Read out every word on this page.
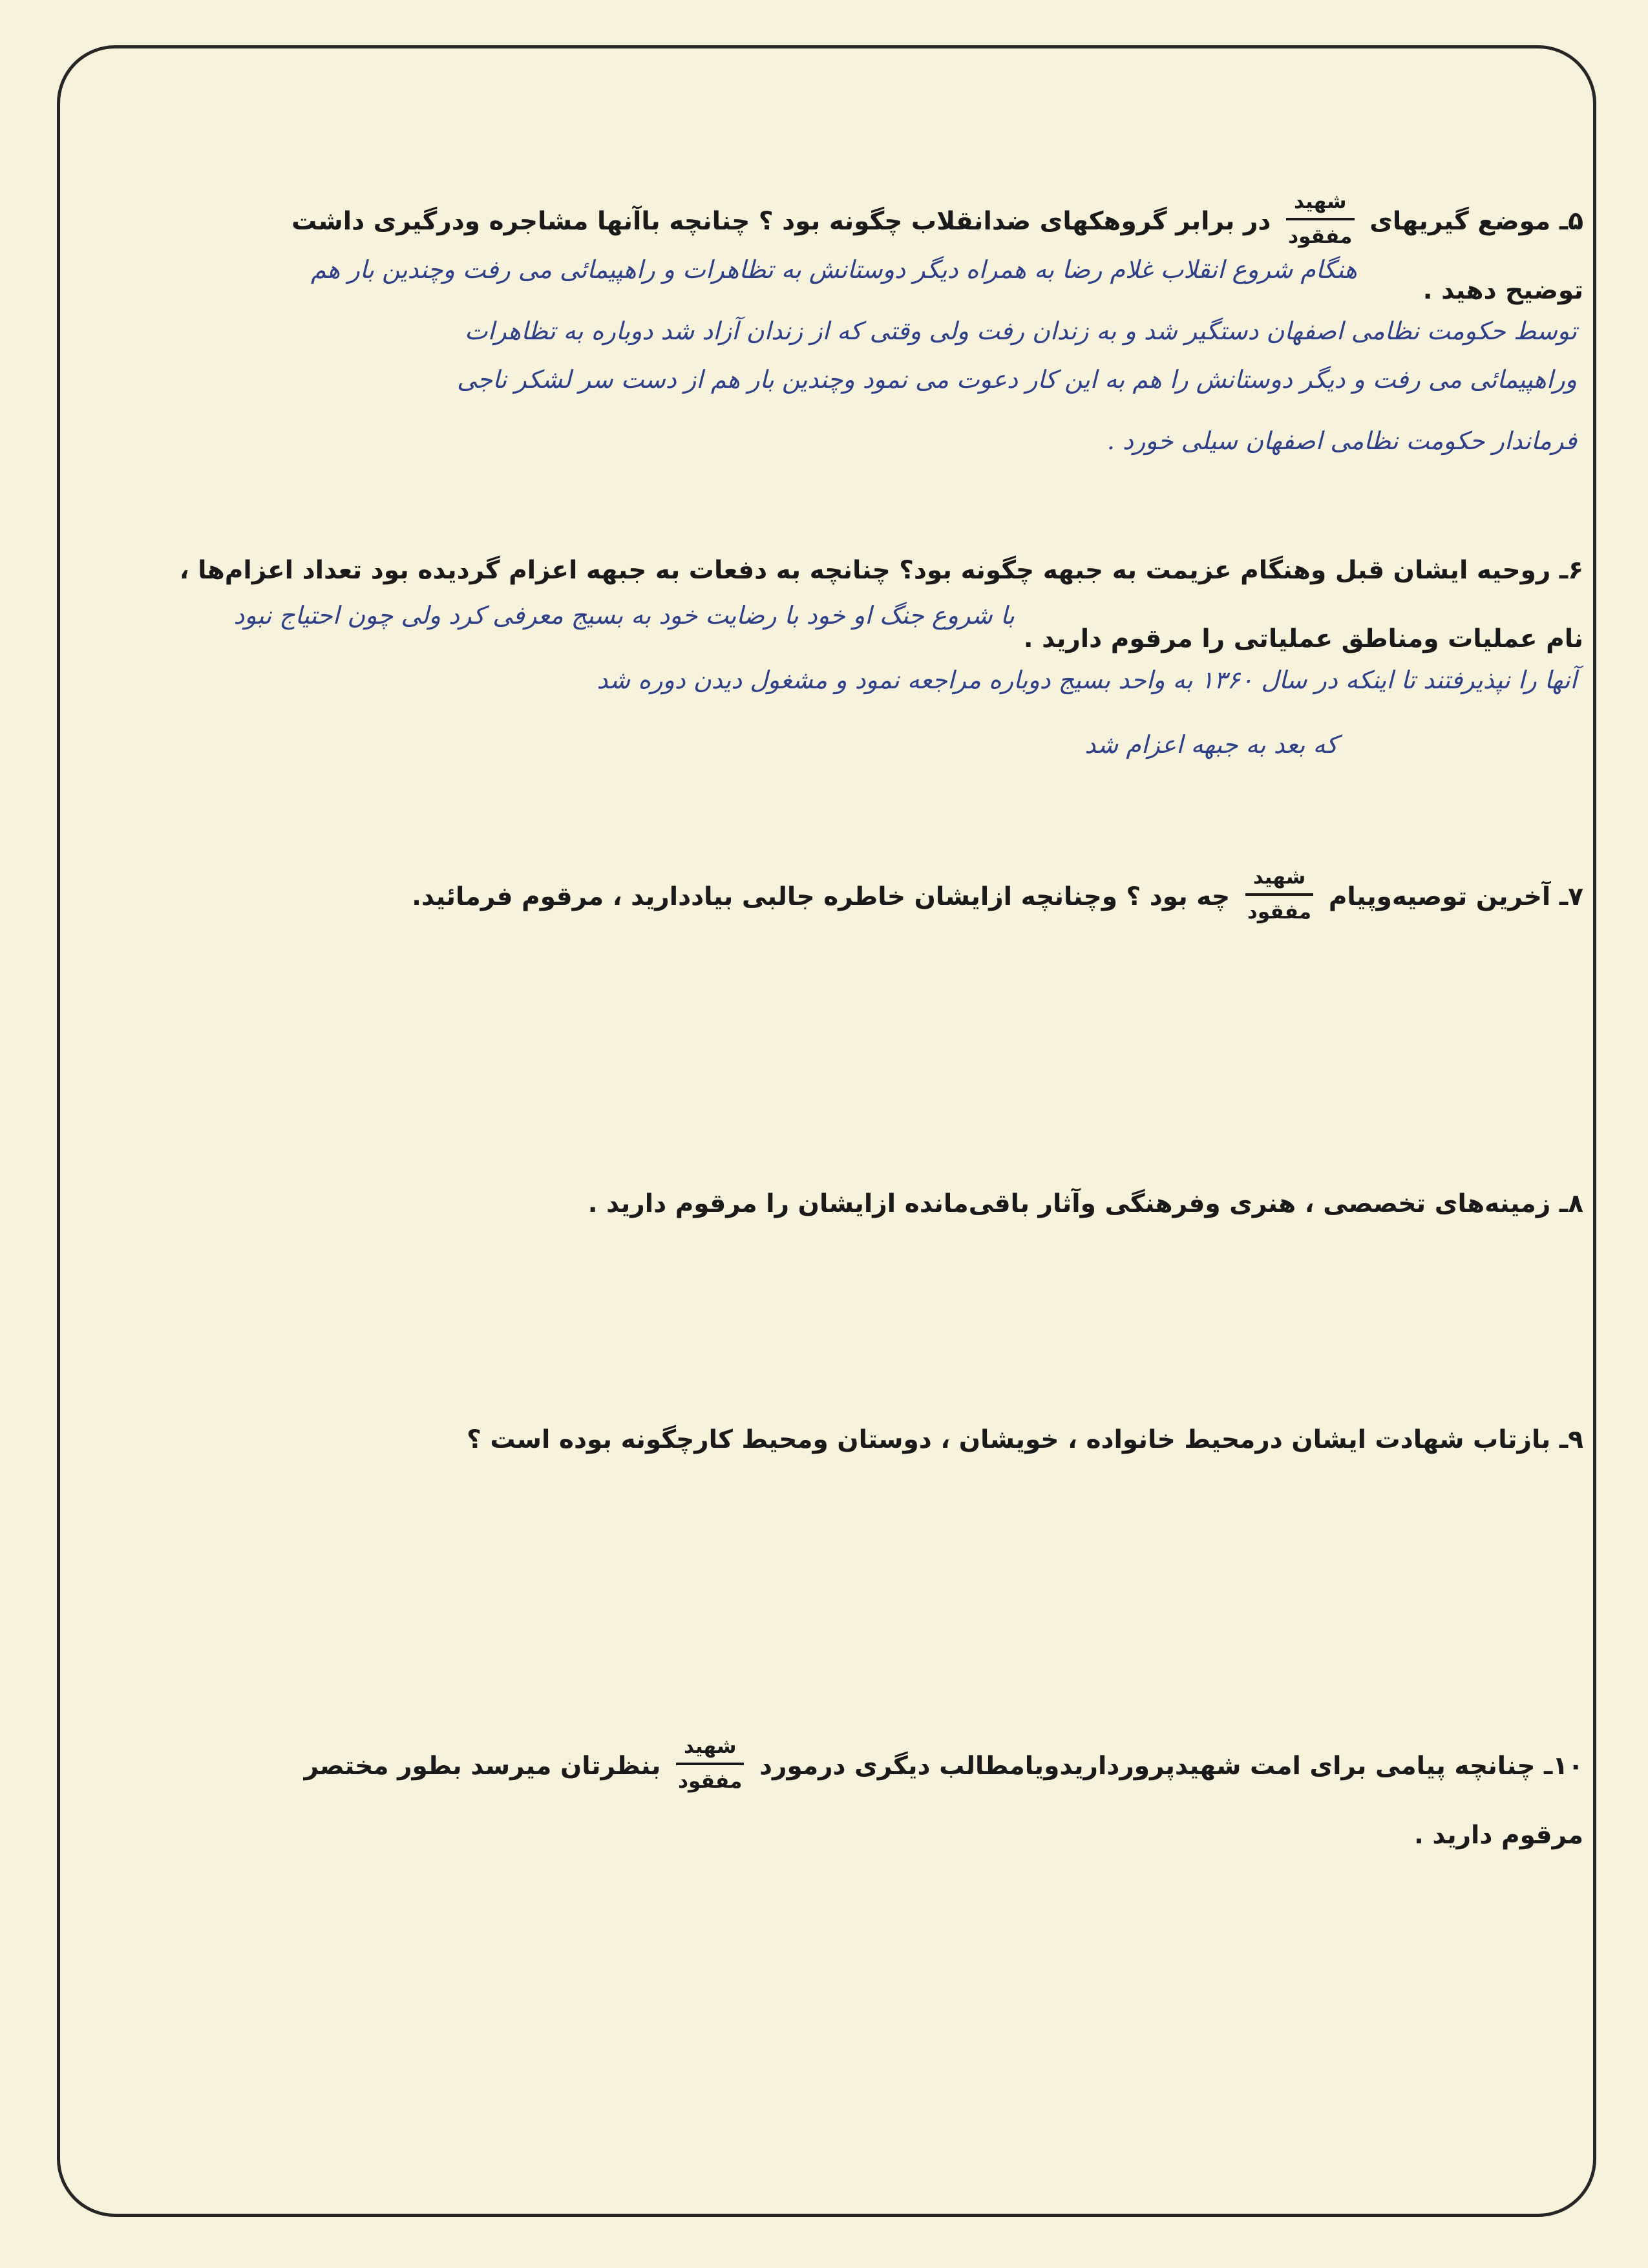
۵ـ موضع گیریهای
$\frac{\text{شهید}}{\text{مفقود}}$
در برابر گروهکهای ضدانقلاب چگونه بود ؟ چنانچه باآنها مشاجره ودرگیری داشت
توضیح دهید .
هنگام شروع انقلاب غلام رضا به همراه دیگر دوستانش به تظاهرات و راهپیمائی می رفت وچندین بار هم
توسط حکومت نظامی اصفهان دستگیر شد و به زندان رفت ولی وقتی که از زندان آزاد شد دوباره به تظاهرات
وراهپیمائی می رفت و دیگر دوستانش را هم به این کار دعوت می نمود وچندین بار هم از دست سر لشکر ناجی
فرماندار حکومت نظامی اصفهان سیلی خورد .
۶ـ روحیه ایشان قبل وهنگام عزیمت به جبهه چگونه بود؟ چنانچه به دفعات به جبهه اعزام گردیده بود تعداد اعزام‌ها ،
نام عملیات ومناطق عملیاتی را مرقوم دارید .
با شروع جنگ او خود با رضایت خود به بسیج معرفی کرد ولی چون احتیاج نبود
آنها را نپذیرفتند تا اینکه در سال ۱۳۶۰ به واحد بسیج دوباره مراجعه نمود و مشغول دیدن دوره شد
که بعد به جبهه اعزام شد
۷ـ آخرین توصیه‌وپیام
$\frac{\text{شهید}}{\text{مفقود}}$
چه بود ؟ وچنانچه ازایشان خاطره جالبی بیاددارید ، مرقوم فرمائید.
۸ـ زمینه‌های تخصصی ، هنری وفرهنگی وآثار باقی‌مانده ازایشان را مرقوم دارید .
۹ـ بازتاب شهادت ایشان درمحیط خانواده ، خویشان ، دوستان ومحیط کارچگونه بوده است ؟
۱۰ـ چنانچه پیامی برای امت شهیدپرورداریدویامطالب دیگری درمورد
$\frac{\text{شهید}}{\text{مفقود}}$
بنظرتان میرسد بطور مختصر
مرقوم دارید .
